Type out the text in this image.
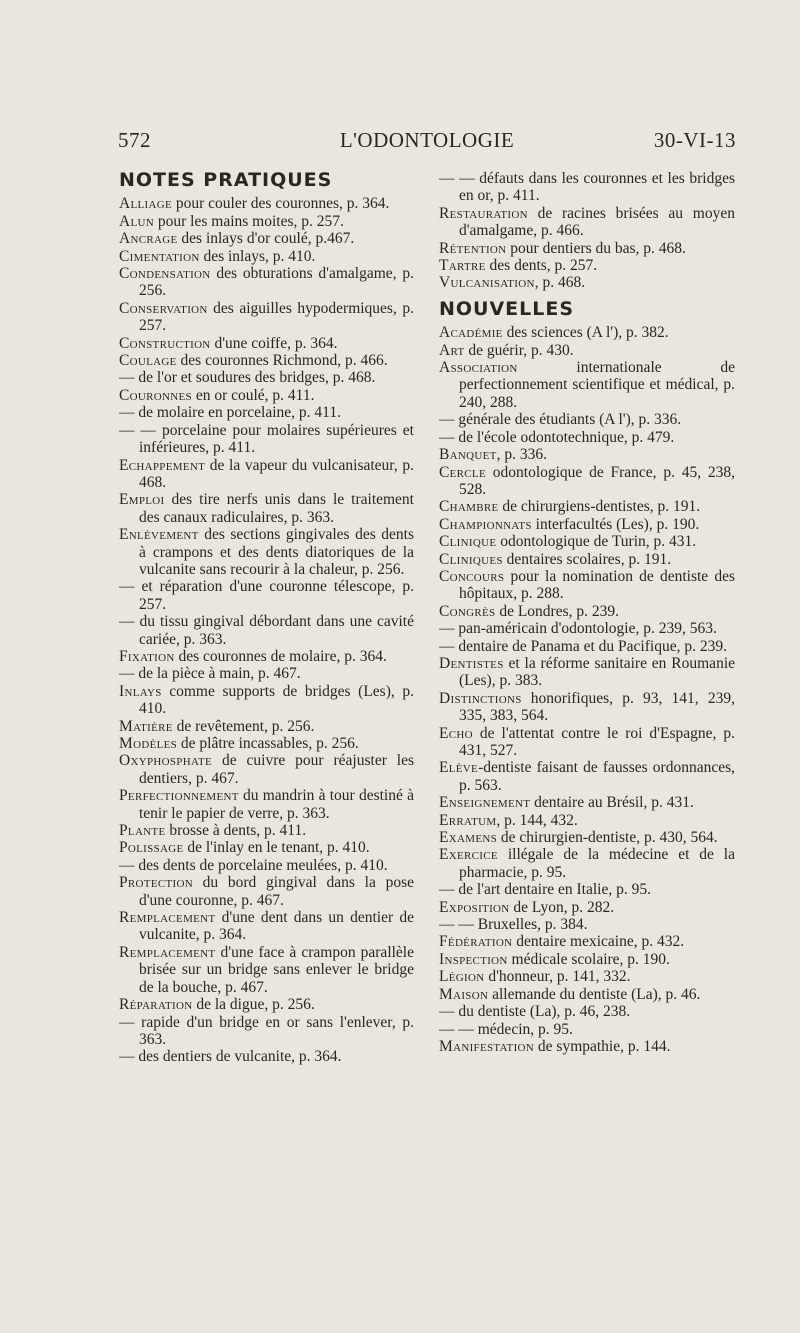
572	L'ODONTOLOGIE	30-VI-13
NOTES PRATIQUES

Alliage pour couler des couronnes, p. 364.

Alun pour les mains moites, p. 257.

Ancrage des inlays d'or coulé, p.467.

Cimentation des inlays, p. 410.

Condensation des obturations d'amalgame, p. 256.

Conservation des aiguilles hypodermiques, p. 257.

Construction d'une coiffe, p. 364.

Coulage des couronnes Richmond, p. 466.

— de l'or et soudures des bridges, p. 468.

Couronnes en or coulé, p. 411.

— de molaire en porcelaine, p. 411.

— — porcelaine pour molaires supérieures et inférieures, p. 411.

Echappement de la vapeur du vulcanisateur, p. 468.

Emploi des tire nerfs unis dans le traitement des canaux radiculaires, p. 363.

Enlèvement des sections gingivales des dents à crampons et des dents diatoriques de la vulcanite sans recourir à la chaleur, p. 256.

— et réparation d'une couronne télescope, p. 257.

— du tissu gingival débordant dans une cavité cariée, p. 363.

Fixation des couronnes de molaire, p. 364.

— de la pièce à main, p. 467.

Inlays comme supports de bridges (Les), p. 410.

Matière de revêtement, p. 256.

Modèles de plâtre incassables, p. 256.

Oxyphosphate de cuivre pour réajuster les dentiers, p. 467.

Perfectionnement du mandrin à tour destiné à tenir le papier de verre, p. 363.

Plante brosse à dents, p. 411.

Polissage de l'inlay en le tenant, p. 410.

— des dents de porcelaine meulées, p. 410.

Protection du bord gingival dans la pose d'une couronne, p. 467.

Remplacement d'une dent dans un dentier de vulcanite, p. 364.

Remplacement d'une face à crampon parallèle brisée sur un bridge sans enlever le bridge de la bouche, p. 467.

Réparation de la digue, p. 256.

— rapide d'un bridge en or sans l'enlever, p. 363.

— des dentiers de vulcanite, p. 364.

— — défauts dans les couronnes et les bridges en or, p. 411.

Restauration de racines brisées au moyen d'amalgame, p. 466.

Rétention pour dentiers du bas, p. 468.

Tartre des dents, p. 257.

Vulcanisation, p. 468.

NOUVELLES

Académie des sciences (A l'), p. 382.

Art de guérir, p. 430.

Association internationale de perfectionnement scientifique et médical, p. 240, 288.

— générale des étudiants (A l'), p. 336.

— de l'école odontotechnique, p. 479.

Banquet, p. 336.

Cercle odontologique de France, p. 45, 238, 528.

Chambre de chirurgiens-dentistes, p. 191.

Championnats interfacultés (Les), p. 190.

Clinique odontologique de Turin, p. 431.

Cliniques dentaires scolaires, p. 191.

Concours pour la nomination de dentiste des hôpitaux, p. 288.

Congrès de Londres, p. 239.

— pan-américain d'odontologie, p. 239, 563.

— dentaire de Panama et du Pacifique, p. 239.

Dentistes et la réforme sanitaire en Roumanie (Les), p. 383.

Distinctions honorifiques, p. 93, 141, 239, 335, 383, 564.

Echo de l'attentat contre le roi d'Espagne, p. 431, 527.

Elève-dentiste faisant de fausses ordonnances, p. 563.

Enseignement dentaire au Brésil, p. 431.

Erratum, p. 144, 432.

Examens de chirurgien-dentiste, p. 430, 564.

Exercice illégale de la médecine et de la pharmacie, p. 95.

— de l'art dentaire en Italie, p. 95.

Exposition de Lyon, p. 282.

— — Bruxelles, p. 384.

Fédération dentaire mexicaine, p. 432.

Inspection médicale scolaire, p. 190.

Légion d'honneur, p. 141, 332.

Maison allemande du dentiste (La), p. 46.

— du dentiste (La), p. 46, 238.

— — médecin, p. 95.

Manifestation de sympathie, p. 144.
